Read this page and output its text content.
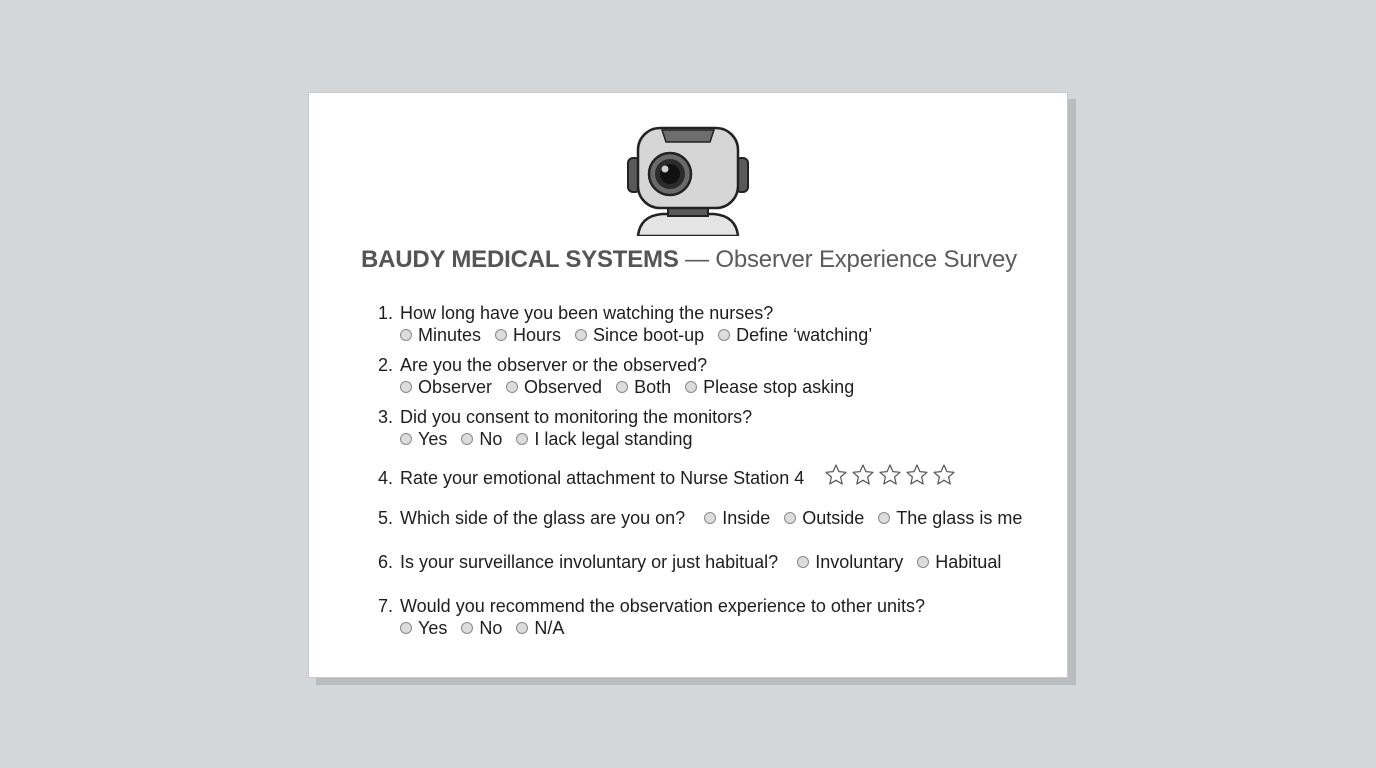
BAUDY MEDICAL SYSTEMS — Observer Experience Survey
1. How long have you been watching the nurses?
Minutes Hours Since boot-up Define ‘watching’
2. Are you the observer or the observed?
Observer Observed Both Please stop asking
3. Did you consent to monitoring the monitors?
Yes No I lack legal standing
4. Rate your emotional attachment to Nurse Station 4
5. Which side of the glass are you on? Inside Outside The glass is me
6. Is your surveillance involuntary or just habitual? Involuntary Habitual
7. Would you recommend the observation experience to other units?
Yes No N/A
